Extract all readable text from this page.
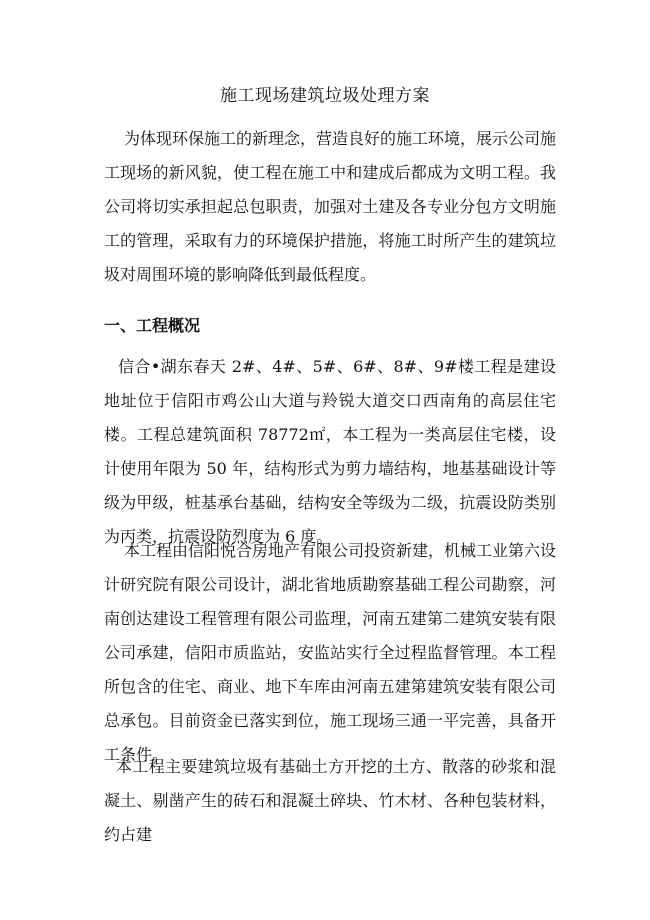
施工现场建筑垃圾处理方案
为体现环保施工的新理念，营造良好的施工环境，展示公司施工现场的新风貌，使工程在施工中和建成后都成为文明工程。我公司将切实承担起总包职责，加强对土建及各专业分包方文明施工的管理，采取有力的环境保护措施，将施工时所产生的建筑垃圾对周围环境的影响降低到最低程度。
一、工程概况
信合•湖东春天 2#、4#、5#、6#、8#、9#楼工程是建设地址位于信阳市鸡公山大道与羚锐大道交口西南角的高层住宅楼。工程总建筑面积 78772㎡，本工程为一类高层住宅楼，设计使用年限为 50 年，结构形式为剪力墙结构，地基基础设计等级为甲级，桩基承台基础，结构安全等级为二级，抗震设防类别为丙类，抗震设防烈度为 6 度。
本工程由信阳悦合房地产有限公司投资新建，机械工业第六设计研究院有限公司设计，湖北省地质勘察基础工程公司勘察，河南创达建设工程管理有限公司监理，河南五建第二建筑安装有限公司承建，信阳市质监站，安监站实行全过程监督管理。本工程所包含的住宅、商业、地下车库由河南五建第建筑安装有限公司总承包。目前资金已落实到位，施工现场三通一平完善，具备开工条件。
本工程主要建筑垃圾有基础土方开挖的土方、散落的砂浆和混凝土、剔凿产生的砖石和混凝土碎块、竹木材、各种包装材料，约占建
